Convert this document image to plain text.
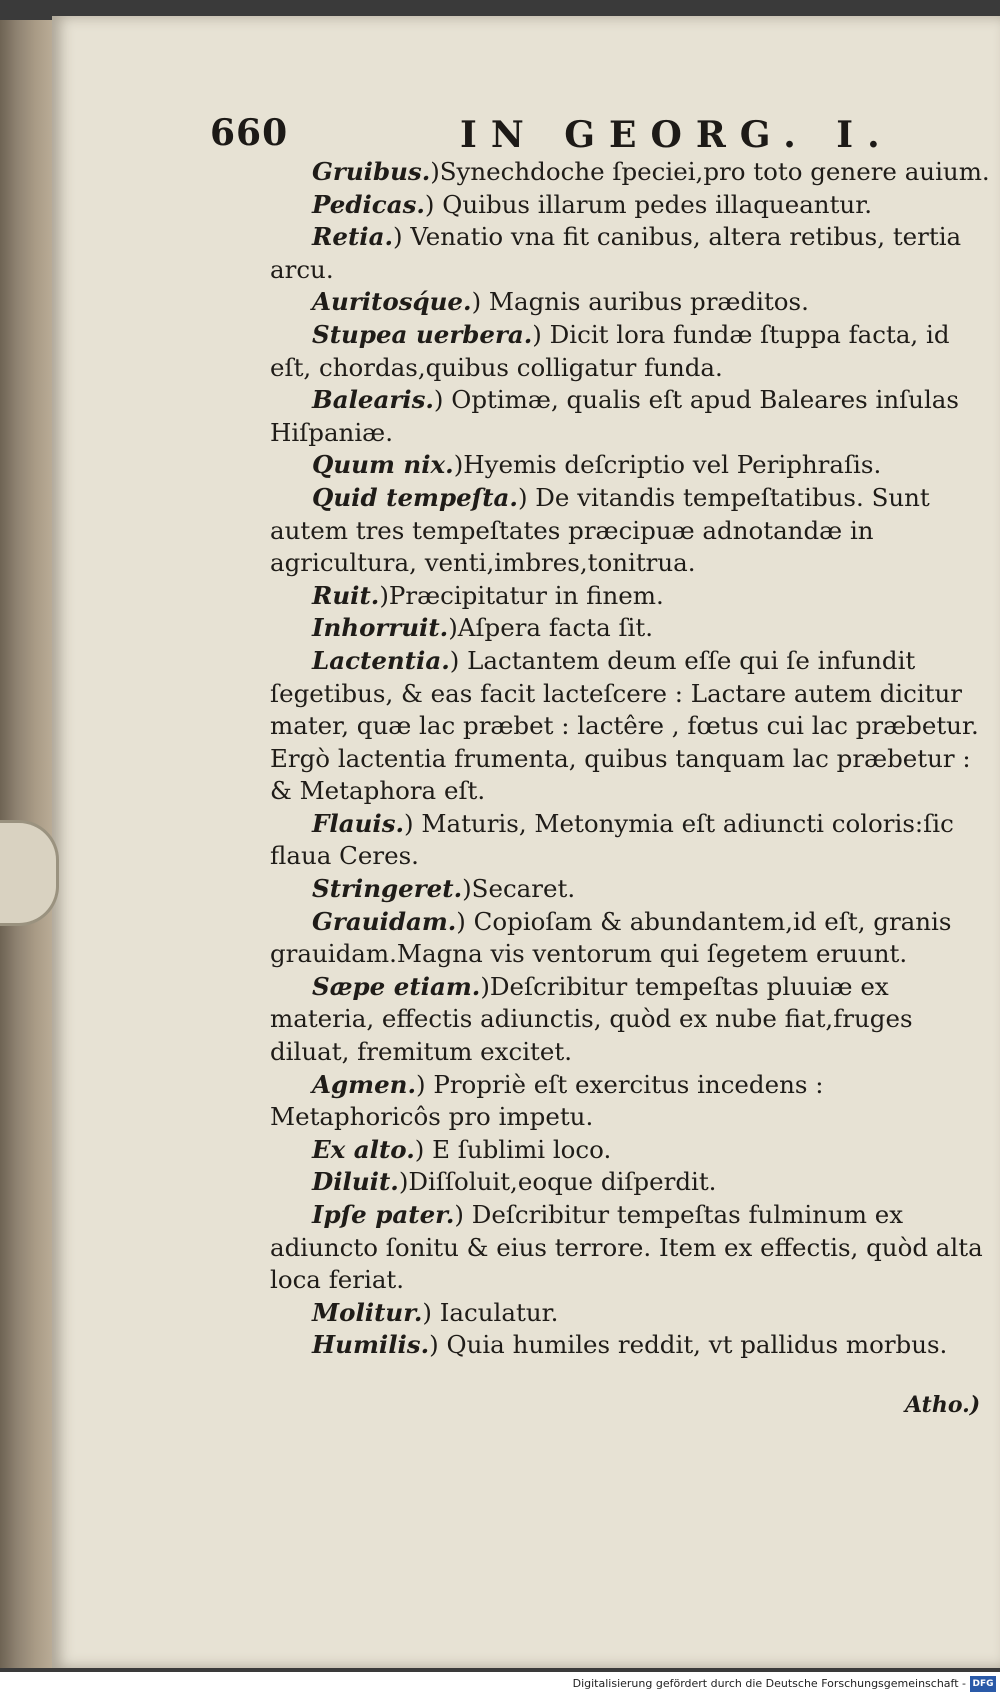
660	IN GEORG. I.

Gruibus.)Synechdoche ſpeciei,pro toto genere auium.

Pedicas.) Quibus illarum pedes illaqueantur.

Retia.) Venatio vna fit canibus, altera retibus, tertia arcu.

Auritosq́ue.) Magnis auribus præditos.

Stupea uerbera.) Dicit lora fundæ ſtuppa facta, id eſt, chordas,quibus colligatur funda.

Balearis.) Optimæ, qualis eſt apud Baleares inſulas Hiſpaniæ.

Quum nix.)Hyemis deſcriptio vel Periphraſis.

Quid tempeſta.) De vitandis tempeſtatibus. Sunt autem tres tempeſtates præcipuæ adnotandæ in agricultura, venti,imbres,tonitrua.

Ruit.)Præcipitatur in finem.

Inhorruit.)Aſpera facta ſit.

Lactentia.) Lactantem deum eſſe qui ſe infundit ſegetibus, & eas facit lacteſcere : Lactare autem dicitur mater, quæ lac præbet : lactêre , fœtus cui lac præbetur. Ergò lactentia frumenta, quibus tanquam lac præbetur : & Metaphora eſt.

Flauis.) Maturis, Metonymia eſt adiuncti coloris:ſic flaua Ceres.

Stringeret.)Secaret.

Grauidam.) Copioſam & abundantem,id eſt, granis grauidam.Magna vis ventorum qui ſegetem eruunt.

Sæpe etiam.)Deſcribitur tempeſtas pluuiæ ex materia, effectis adiunctis, quòd ex nube fiat,fruges diluat, fremitum excitet.

Agmen.) Propriè eſt exercitus incedens : Metaphoricôs pro impetu.

Ex alto.) E ſublimi loco.

Diluit.)Diſſoluit,eoque diſperdit.

Ipſe pater.) Deſcribitur tempeſtas fulminum ex adiuncto ſonitu & eius terrore. Item ex effectis, quòd alta loca feriat.

Molitur.) Iaculatur.

Humilis.) Quia humiles reddit, vt pallidus morbus.

Atho.)
Digitalisierung gefördert durch die Deutsche Forschungsgemeinschaft - DFG
